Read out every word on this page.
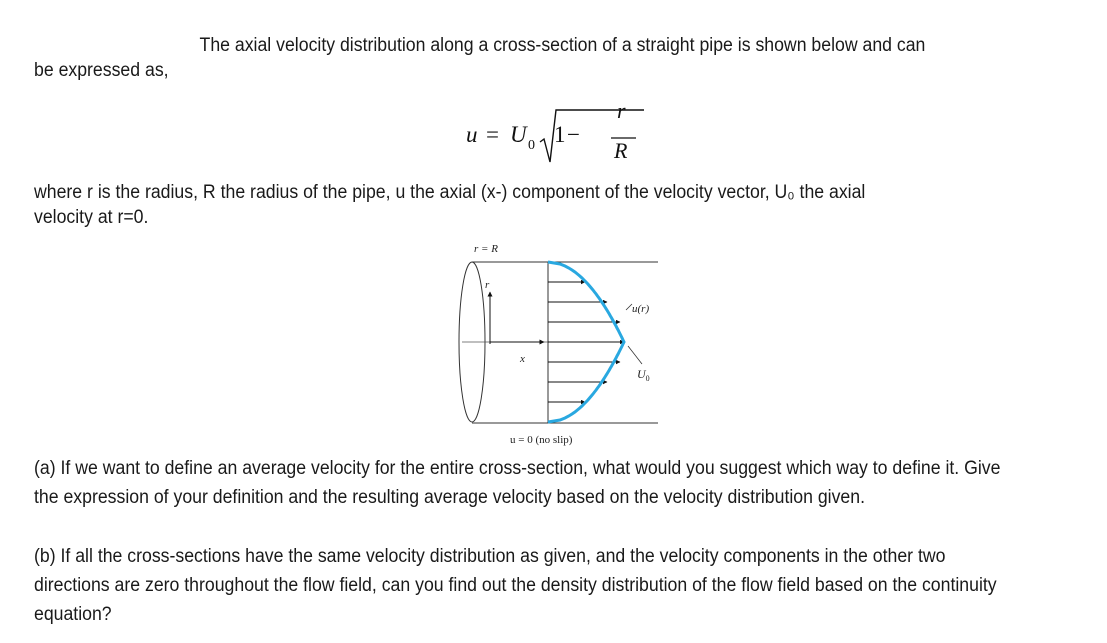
The axial velocity distribution along a cross-section of a straight pipe is shown below and can
be expressed as,
u = U 0 1 −
r
R
where r is the radius, R the radius of the pipe, u the axial (x-) component of the velocity vector, U₀ the axial
velocity at r=0.
r = R
r
x
u(r)
$U_0$
u = 0 (no slip)
(a) If we want to define an average velocity for the entire cross-section, what would you suggest which way to define it. Give the expression of your definition and the resulting average velocity based on the velocity distribution given.
(b) If all the cross-sections have the same velocity distribution as given, and the velocity components in the other two directions are zero throughout the flow field, can you find out the density distribution of the flow field based on the continuity equation?
